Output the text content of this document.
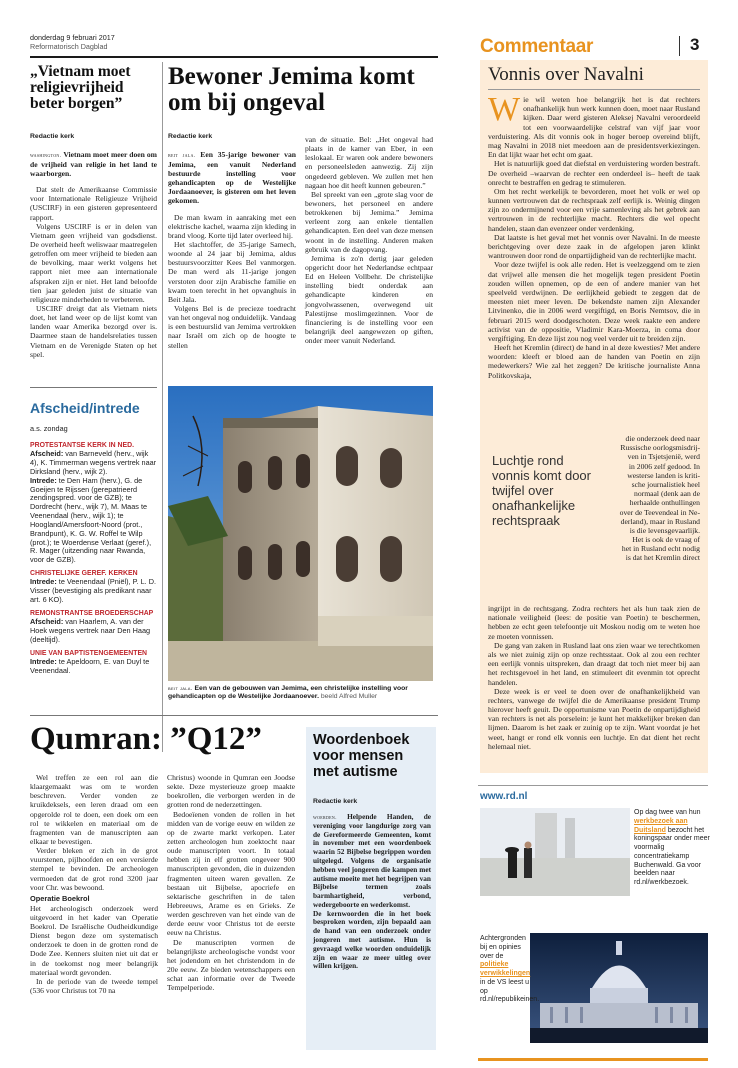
donderdag 9 februari 2017
Reformatorisch Dagblad	Commentaar	3
„Vietnam moet religievrijheid beter borgen”
Redactie kerk

washington. Vietnam moet meer doen om de vrijheid van religie in het land te waarborgen.

Dat stelt de Amerikaanse Commissie voor Internationale Religieuze Vrijheid (USCIRF) in een gisteren gepresenteerd rapport.

Volgens USCIRF is er in delen van Vietnam geen vrijheid van godsdienst. De overheid heeft weliswaar maatregelen getroffen om meer vrijheid te bieden aan de bevolking, maar werkt volgens het rapport niet mee aan internationale afspraken zijn er niet. Het land beloofde tien jaar geleden juist de situatie van religieuze minderheden te verbeteren.

USCIRF dreigt dat als Vietnam niets doet, het land weer op de lijst komt van landen waar Amerika bezorgd over is. Daarmee staan de handelsrelaties tussen Vietnam en de Verenigde Staten op het spel.

Bewoner Jemima komt om bij ongeval
Redactie kerk

beit jala. Een 35-jarige bewoner van Jemima, een vanuit Nederland bestuurde instelling voor gehandicapten op de Westelijke Jordaanoever, is gisteren om het leven gekomen.

De man kwam in aanraking met een elektrische kachel, waarna zijn kleding in brand vloog. Korte tijd later overleed hij.

Het slachtoffer, de 35-jarige Samech, woonde al 24 jaar bij Jemima, aldus bestuursvoorzitter Kees Bel vanmorgen. De man werd als 11-jarige jongen verstoten door zijn Arabische familie en kwam toen terecht in het opvanghuis in Beit Jala.

Volgens Bel is de precieze toedracht van het ongeval nog onduidelijk. Vandaag is een bestuurslid van Jemima vertrokken naar Israël om zich op de hoogte te stellen

van de situatie. Bel: „Het ongeval had plaats in de kamer van Eber, in een leslokaal. Er waren ook andere bewoners en personeelsleden aanwezig. Zij zijn ongedeerd gebleven. We zullen met hen nagaan hoe dit heeft kunnen gebeuren.”

Bel spreekt van een „grote slag voor de bewoners, het personeel en andere betrokkenen bij Jemima.” Jemima verleent zorg aan enkele tientallen gehandicapten. Een deel van deze mensen woont in de instelling. Anderen maken gebruik van de dagopvang.

Jemima is zo'n dertig jaar geleden opgericht door het Nederlandse echtpaar Ed en Heleen Vollbehr. De christelijke instelling biedt onderdak aan gehandicapte kinderen en jongvolwassenen, overwegend uit Palestijnse moslimgezinnen. Voor de financiering is de instelling voor een belangrijk deel aangewezen op giften, onder meer vanuit Nederland.

beit jala. Een van de gebouwen van Jemima, een christelijke instelling voor gehandicapten op de Westelijke Jordaanoever. beeld Alfred Muller
Afscheid/intrede
a.s. zondag
PROTESTANTSE KERK IN NED.
Afscheid: van Barneveld (herv., wijk 4), K. Timmerman wegens vertrek naar Dirksland (herv., wijk 2).
Intrede: te Den Ham (herv.), G. de Goeijen te Rijssen (gerepatrieerd zendingspred. voor de GZB); te Dordrecht (herv., wijk 7), M. Maas te Veenendaal (herv., wijk 1); te Hoogland/Amersfoort-Noord (prot., Brandpunt), K. G. W. Roffel te Wilp (prot.); te Woerdense Verlaat (geref.), R. Mager (uitzending naar Rwanda, voor de GZB).
CHRISTELIJKE GEREF. KERKEN
Intrede: te Veenendaal (Pniël), P. L. D. Visser (bevestiging als predikant naar art. 6 KO).
REMONSTRANTSE BROEDERSCHAP
Afscheid: van Haarlem, A. van der Hoek wegens vertrek naar Den Haag (deeltijd).
UNIE VAN BAPTISTENGEMEENTEN
Intrede: te Apeldoorn, E. van Duyl te Veenendaal.
Qumran: ”Q12”

Wel treffen ze een rol aan die klaargemaakt was om te worden beschreven. Verder vonden ze kruikdeksels, een leren draad om een opgerolde rol te doen, een doek om een rol te wikkelen en materiaal om de fragmenten van de manuscripten aan elkaar te bevestigen.

Verder bleken er zich in de grot vuurstenen, pijlhoofden en een versierde stempel te bevinden. De archeologen vermoeden dat de grot rond 3200 jaar voor Chr. was bewoond.

Operatie Boekrol

Het archeologisch onderzoek werd uitgevoerd in het kader van Operatie Boekrol. De Israëlische Oudheidkundige Dienst begon deze om systematisch onderzoek te doen in de grotten rond de Dode Zee. Kenners sluiten niet uit dat er in de toekomst nog meer belangrijk materiaal wordt gevonden.

In de periode van de tweede tempel (536 voor Christus tot 70 na

Christus) woonde in Qumran een Joodse sekte. Deze mysterieuze groep maakte boekrollen, die verborgen werden in de grotten rond de nederzettingen.

Bedoeïenen vonden de rollen in het midden van de vorige eeuw en wilden ze op de zwarte markt verkopen. Later zetten archeologen hun zoektocht naar oude manuscripten voort. In totaal hebben zij in elf grotten ongeveer 900 manuscripten gevonden, die in duizenden fragmenten uiteen waren gevallen. Ze bestaan uit Bijbelse, apocriefe en sektarische geschriften in de talen Hebreeuws, Arame es en Grieks. Ze werden geschreven van het einde van de derde eeuw voor Christus tot de eerste eeuw na Christus.

De manuscripten vormen de belangrijkste archeologische vondst voor het jodendom en het christendom in de 20e eeuw. Ze bieden wetenschappers een schat aan informatie over de Tweede Tempelperiode.

Woordenboek voor mensen met autisme
Redactie kerk

woerden. Helpende Handen, de vereniging voor langdurige zorg van de Gereformeerde Gemeenten, komt in november met een woordenboek waarin 52 Bijbelse begrippen worden uitgelegd. Volgens de organisatie hebben veel jongeren die kampen met autisme moeite met het begrijpen van Bijbelse termen zoals barmhartigheid, verbond, wedergeboorte en wederkomst.

De kernwoorden die in het boek besproken worden, zijn bepaald aan de hand van een onderzoek onder jongeren met autisme. Hun is gevraagd welke woorden onduidelijk zijn en waar ze meer uitleg over willen krijgen.

Vonnis over Navalni
W ie wil weten hoe belangrijk het is dat rechters onafhankelijk hun werk kunnen doen, moet naar Rusland kijken. Daar werd gisteren Aleksej Navalni veroordeeld tot een voorwaardelijke celstraf van vijf jaar voor verduistering. Als dit vonnis ook in hoger beroep overeind blijft, mag Navalni in 2018 niet meedoen aan de presidentsverkiezingen. En dat lijkt waar het echt om gaat.

Het is natuurlijk goed dat diefstal en verduistering worden bestraft. De overheid –waarvan de rechter een onderdeel is– heeft de taak onrecht te bestraffen en gedrag te stimuleren.

Om het recht werkelijk te bevorderen, moet het volk er wel op kunnen vertrouwen dat de rechtspraak zelf eerlijk is. Weinig dingen zijn zo ondermijnend voor een vrije samenleving als het gebrek aan vertrouwen in de rechterlijke macht. Rechters die wel opecht handelen, staan dan evenzeer onder verdenking.

Dat laatste is het geval met het vonnis over Navalni. In de meeste berichtgeving over deze zaak in de afgelopen jaren klinkt wantrouwen door rond de onpartijdigheid van de rechterlijke macht.

Voor deze twijfel is ook alle reden. Het is veelzeggend om te zien dat vrijwel alle mensen die het mogelijk tegen president Poetin zouden willen opnemen, op de een of andere manier van het speelveld verdwijnen. De eerlijkheid gebiedt te zeggen dat de meesten niet meer leven. De bekendste namen zijn Alexander Litvinenko, die in 2006 werd vergiftigd, en Boris Nemtsov, die in februari 2015 werd doodgeschoten. Deze week raakte een andere activist van de oppositie, Vladimir Kara-Moerza, in coma door vergiftiging. En deze lijst zou nog veel verder uit te breiden zijn.

Heeft het Kremlin (direct) de hand in al deze kwesties? Met andere woorden: kleeft er bloed aan de handen van Poetin en zijn medewerkers? Wie zal het zeggen? De kritische journaliste Anna Politkovskaja,

die onderzoek deed naar
Russische oorlogsmisdrij-
ven in Tsjetsjenië, werd
in 2006 zelf gedood. In
westerse landen is kriti-
sche journalistiek heel
normaal (denk aan de
herhaalde onthullingen
over de Teevendeal in Ne-
derland), maar in Rusland
is die levensgevaarlijk.
Het is ook de vraag of
het in Rusland echt nodig
is dat het Kremlin direct
Luchtje rond vonnis komt door twijfel over onafhankelijke rechtspraak

ingrijpt in de rechtsgang. Zodra rechters het als hun taak zien de nationale veiligheid (lees: de positie van Poetin) te beschermen, hebben ze echt geen telefoontje uit Moskou nodig om te weten hoe ze moeten vonnissen.

De gang van zaken in Rusland laat ons zien waar we terechtkomen als we niet zuinig zijn op onze rechtsstaat. Ook al zou een rechter een eerlijk vonnis uitspreken, dan draagt dat toch niet meer bij aan het rechtsgevoel in het land, en stimuleert dit evenmin tot oprecht handelen.

Deze week is er veel te doen over de onafhankelijkheid van rechters, vanwege de twijfel die de Amerikaanse president Trump hierover heeft geuit. De opportunisme van Poetin de onpartijdigheid van rechters is net als porselein: je kunt het makkelijker breken dan lijmen. Daarom is het zaak er zuinig op te zijn. Want voordat je het weet, hangt er rond elk vonnis een luchtje. En dat dient het recht helemaal niet.

www.rd.nl
Op dag twee van hun werkbezoek aan Duitsland bezocht het koningspaar onder meer voormalig concentratiekamp Buchenwald. Ga voor beelden naar rd.nl/werkbezoek.
Achtergronden bij en opinies over de politieke verwikkelingen in de VS leest u op rd.nl/republikeinen.
